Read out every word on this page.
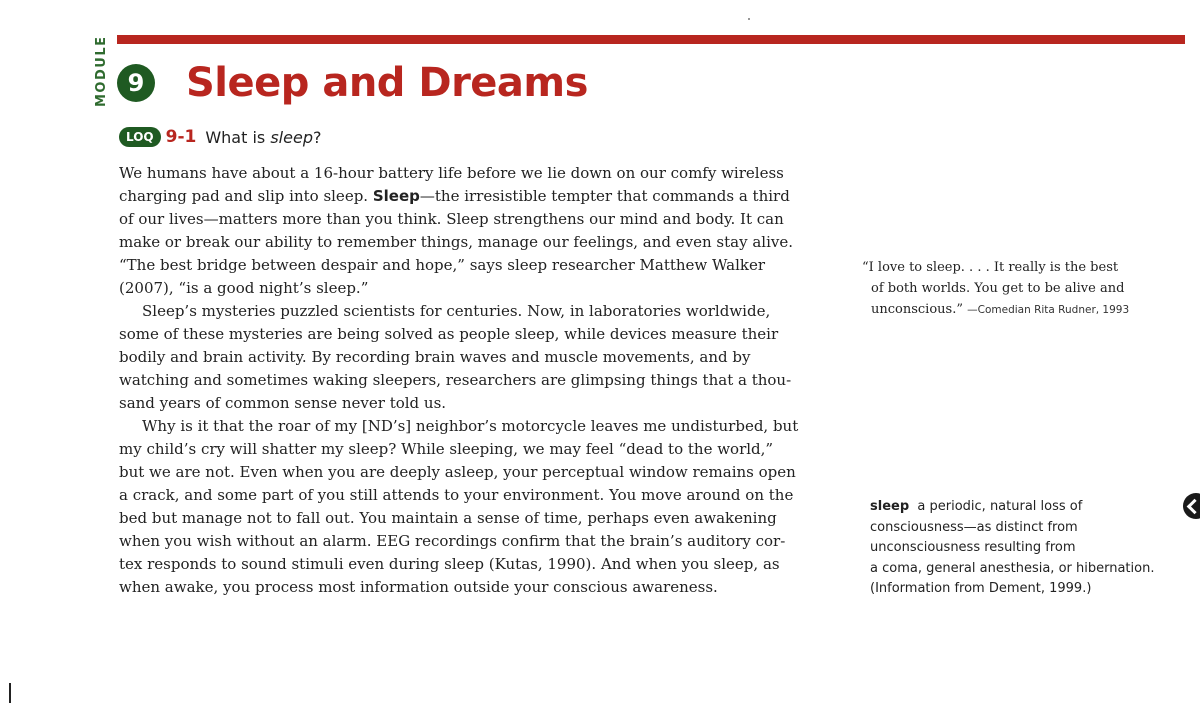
MODULE 9 Sleep and Dreams
LOQ 9-1 What is sleep?
We humans have about a 16-hour battery life before we lie down on our comfy wireless
charging pad and slip into sleep. Sleep—the irresistible tempter that commands a third
of our lives—matters more than you think. Sleep strengthens our mind and body. It can
make or break our ability to remember things, manage our feelings, and even stay alive.
“The best bridge between despair and hope,” says sleep researcher Matthew Walker
(2007), “is a good night’s sleep.”
Sleep’s mysteries puzzled scientists for centuries. Now, in laboratories worldwide,
some of these mysteries are being solved as people sleep, while devices measure their
bodily and brain activity. By recording brain waves and muscle movements, and by
watching and sometimes waking sleepers, researchers are glimpsing things that a thou-
sand years of common sense never told us.
Why is it that the roar of my [ND’s] neighbor’s motorcycle leaves me undisturbed, but
my child’s cry will shatter my sleep? While sleeping, we may feel “dead to the world,”
but we are not. Even when you are deeply asleep, your perceptual window remains open
a crack, and some part of you still attends to your environment. You move around on the
bed but manage not to fall out. You maintain a sense of time, perhaps even awakening
when you wish without an alarm. EEG recordings confirm that the brain’s auditory cor-
tex responds to sound stimuli even during sleep (Kutas, 1990). And when you sleep, as
when awake, you process most information outside your conscious awareness.
“I love to sleep. . . . It really is the best
of both worlds. You get to be alive and
unconscious.” —Comedian Rita Rudner, 1993
sleep a periodic, natural loss of
consciousness—as distinct from
unconsciousness resulting from
a coma, general anesthesia, or hibernation.
(Information from Dement, 1999.)
